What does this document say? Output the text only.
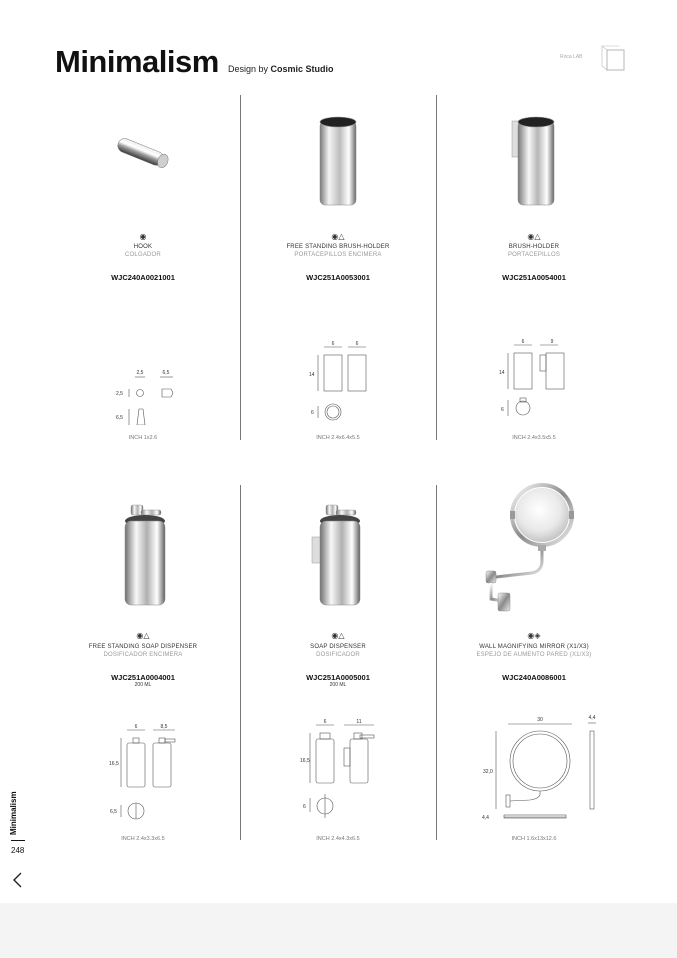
Minimalism Design by Cosmic Studio
Roca LAB
◉
HOOK
COLGADOR
WJC240A0021001
2,5	6,5
2,5
6,5
INCH 1x2.6
◉△
FREE STANDING BRUSH-HOLDER
PORTACEPILLOS ENCIMERA
WJC251A0053001
6	6
14
6
INCH 2.4x6.4x5.5
◉△
BRUSH-HOLDER
PORTACEPILLOS
WJC251A0054001
6	9
14
6
INCH 2.4x3.5x5.5
◉△
FREE STANDING SOAP DISPENSER
DOSIFICADOR ENCIMERA
WJC251A0004001
200 ML
6	8,5
16,5
6,5
INCH 2.4x3.3x6.5
◉△
SOAP DISPENSER
DOSIFICADOR
WJC251A0005001
200 ML
6	11
16,5
6
INCH 2.4x4.3x6.5
◉◈
WALL MAGNIFYING MIRROR (X1/X3)
ESPEJO DE AUMENTO PARED (X1/X3)
WJC240A0086001
30	4,4
32,0
4,4
INCH 1.6x13x12.6
Minimalism
248
